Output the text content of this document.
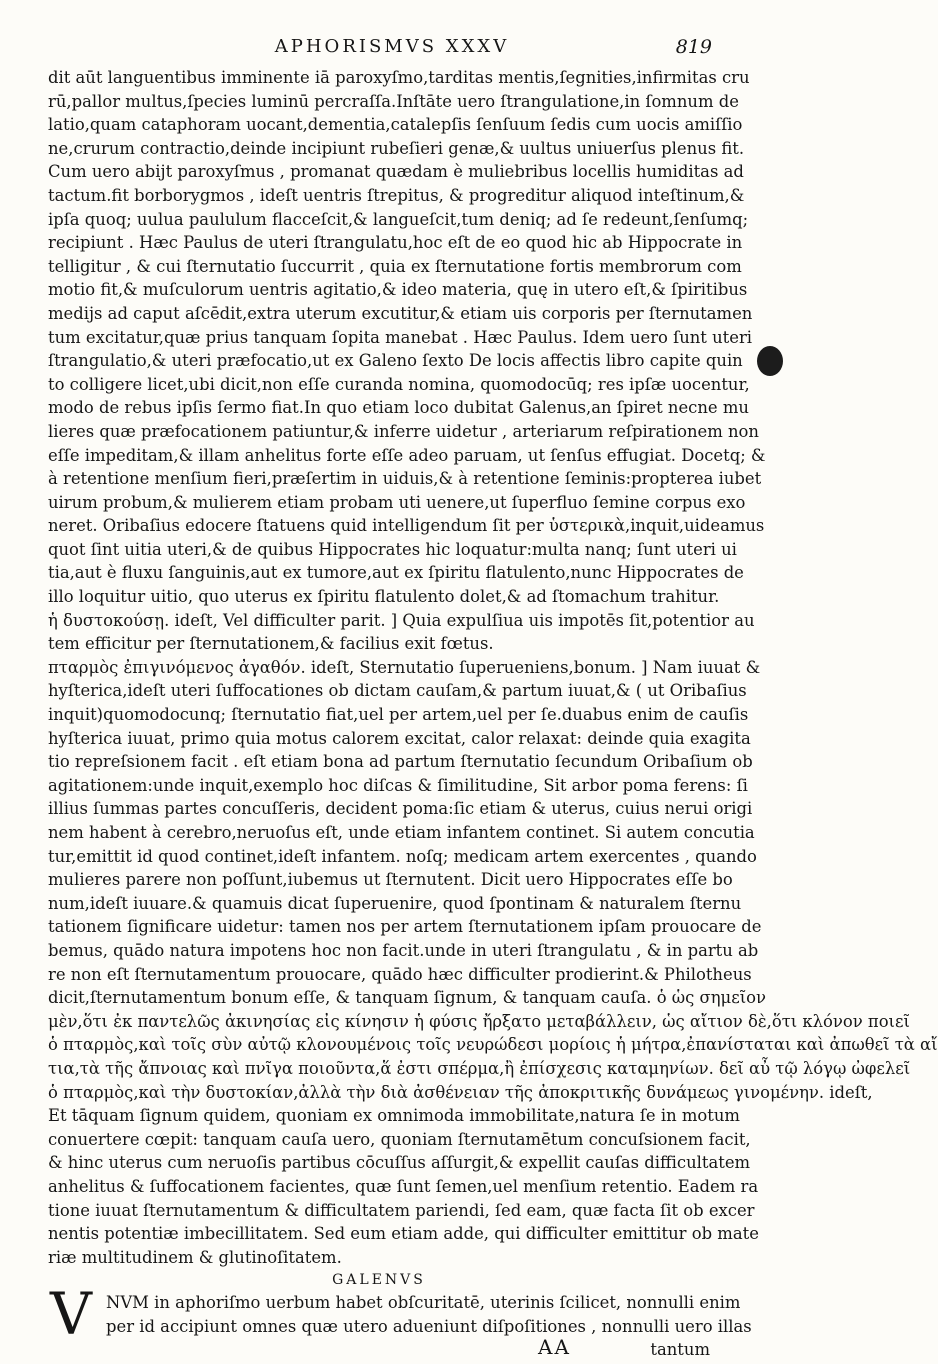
APHORISMVS XXXV	819
dit aūt languentibus imminente iā paroxyſmo,tarditas mentis,ſegnities,infirmitas cru
rū,pallor multus,ſpecies luminū percraſſa.Inſtāte uero ſtrangulatione,in ſomnum de
latio,quam cataphoram uocant,dementia,catalepſis ſenſuum ſedis cum uocis amiſſio
ne,crurum contractio,deinde incipiunt rubeſieri genæ,& uultus uniuerſus plenus fit.
Cum uero abijt paroxyſmus , promanat quædam è muliebribus locellis humiditas ad
tactum.fit borborygmos , ideſt uentris ſtrepitus, & progreditur aliquod inteſtinum,&
ipſa quoq; uulua paululum flacceſcit,& langueſcit,tum deniq; ad ſe redeunt,ſenſumq;
recipiunt . Hæc Paulus de uteri ſtrangulatu,hoc eſt de eo quod hic ab Hippocrate in
telligitur , & cui ſternutatio ſuccurrit , quia ex ſternutatione fortis membrorum com
motio fit,& muſculorum uentris agitatio,& ideo materia, quę in utero eſt,& ſpiritibus
medijs ad caput aſcēdit,extra uterum excutitur,& etiam uis corporis per ſternutamen
tum excitatur,quæ prius tanquam ſopita manebat . Hæc Paulus. Idem uero ſunt uteri
ſtrangulatio,& uteri præfocatio,ut ex Galeno ſexto De locis affectis libro capite quin
to colligere licet,ubi dicit,non eſſe curanda nomina, quomodocūq; res ipſæ uocentur,
modo de rebus ipſis ſermo fiat.In quo etiam loco dubitat Galenus,an ſpiret necne mu
lieres quæ præfocationem patiuntur,& inferre uidetur , arteriarum reſpirationem non
eſſe impeditam,& illam anhelitus forte eſſe adeo paruam, ut ſenſus effugiat. Docetq; &
à retentione menſium fieri,præſertim in uiduis,& à retentione ſeminis:propterea iubet
uirum probum,& mulierem etiam probam uti uenere,ut ſuperfluo ſemine corpus exo
neret. Oribaſius edocere ſtatuens quid intelligendum ſit per ὑστερικὰ,inquit,uideamus
quot ſint uitia uteri,& de quibus Hippocrates hic loquatur:multa nanq; ſunt uteri ui
tia,aut è fluxu ſanguinis,aut ex tumore,aut ex ſpiritu flatulento,nunc Hippocrates de
illo loquitur uitio, quo uterus ex ſpiritu flatulento dolet,& ad ſtomachum trahitur.
ἡ δυστοκούσῃ. ideſt, Vel difficulter parit. ] Quia expulſiua uis impotēs ſit,potentior au
tem efficitur per ſternutationem,& facilius exit fœtus.
πταρμὸς ἐπιγινόμενος ἀγαθόν. ideſt, Sternutatio ſuperueniens,bonum. ] Nam iuuat &
hyſterica,ideſt uteri ſuffocationes ob dictam cauſam,& partum iuuat,& ( ut Oribaſius
inquit)quomodocunq; ſternutatio fiat,uel per artem,uel per ſe.duabus enim de cauſis
hyſterica iuuat, primo quia motus calorem excitat, calor relaxat: deinde quia exagita
tio repreſsionem facit . eſt etiam bona ad partum ſternutatio ſecundum Oribaſium ob
agitationem:unde inquit,exemplo hoc diſcas & ſimilitudine, Sit arbor poma ferens: ſi
illius ſummas partes concuſſeris, decident poma:ſic etiam & uterus, cuius nerui origi
nem habent à cerebro,neruoſus eſt, unde etiam infantem continet. Si autem concutia
tur,emittit id quod continet,ideſt infantem. noſq; medicam artem exercentes , quando
mulieres parere non poſſunt,iubemus ut ſternutent. Dicit uero Hippocrates eſſe bo
num,ideſt iuuare.& quamuis dicat ſuperuenire, quod ſpontinam & naturalem ſternu
tationem ſignificare uidetur: tamen nos per artem ſternutationem ipſam prouocare de
bemus, quādo natura impotens hoc non facit.unde in uteri ſtrangulatu , & in partu ab
re non eſt ſternutamentum prouocare, quādo hæc difficulter prodierint.& Philotheus
dicit,ſternutamentum bonum eſſe, & tanquam ſignum, & tanquam cauſa. ὁ ὡς σημεῖον
μὲν,ὅτι ἐκ παντελῶς ἀκινησίας εἰς κίνησιν ἡ φύσις ἤρξατο μεταβάλλειν, ὡς αἴτιον δὲ,ὅτι κλόνον ποιεῖ
ὁ πταρμὸς,καὶ τοῖς σὺν αὐτῷ κλονουμένοις τοῖς νευρώδεσι μορίοις ἡ μήτρα,ἐπανίσταται καὶ ἀπωθεῖ τὰ αἴ
τια,τὰ τῆς ἄπνοιας καὶ πνῖγα ποιοῦντα,ἅ ἐστι σπέρμα,ἢ ἐπίσχεσις καταμηνίων. δεῖ αὖ τῷ λόγῳ ὠφελεῖ
ὁ πταρμὸς,καὶ τὴν δυστοκίαν,ἀλλὰ τὴν διὰ ἀσθένειαν τῆς ἀποκριτικῆς δυνάμεως γινομένην. ideſt,
Et tāquam ſignum quidem, quoniam ex omnimoda immobilitate,natura ſe in motum
conuertere cœpit: tanquam cauſa uero, quoniam ſternutamētum concuſsionem facit,
& hinc uterus cum neruoſis partibus cōcuſſus aſſurgit,& expellit cauſas difficultatem
anhelitus & ſuffocationem facientes, quæ ſunt ſemen,uel menſium retentio. Eadem ra
tione iuuat ſternutamentum & difficultatem pariendi, ſed eam, quæ facta ſit ob excer
nentis potentiæ imbecillitatem. Sed eum etiam adde, qui difficulter emittitur ob mate
riæ multitudinem & glutinoſitatem.
GALENVS
V NVM in aphoriſmo uerbum habet obſcuritatē, uterinis ſcilicet, nonnulli enim
per id accipiunt omnes quæ utero adueniunt diſpoſitiones , nonnulli uero illas
AA	tantum
